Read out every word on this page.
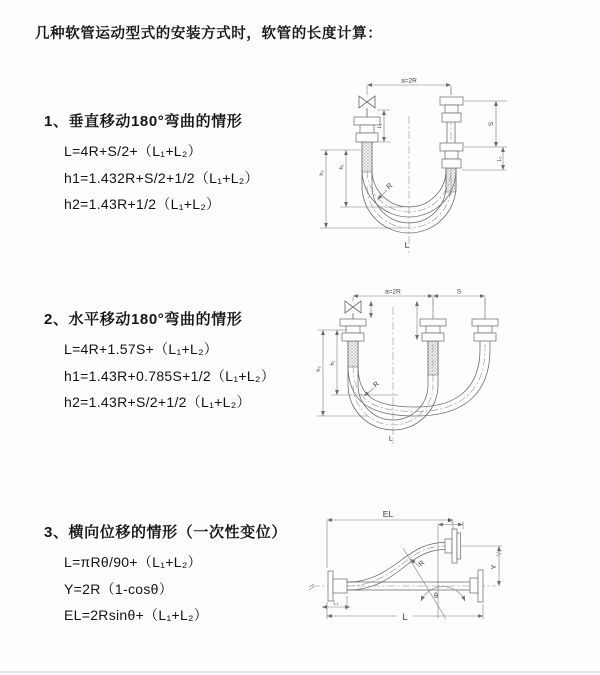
几种软管运动型式的安装方式时，软管的长度计算：
1、垂直移动180°弯曲的情形
L=4R+S/2+（L₁+L₂）
h1=1.432R+S/2+1/2（L₁+L₂）
h2=1.43R+1/2（L₁+L₂）
2、水平移动180°弯曲的情形
L=4R+1.57S+（L₁+L₂）
h1=1.43R+0.785S+1/2（L₁+L₂）
h2=1.43R+S/2+1/2（L₁+L₂）
3、横向位移的情形（一次性变位）
L=πRθ/90+（L₁+L₂）
Y=2R（1-cosθ）
EL=2Rsinθ+（L₁+L₂）
a=2R
S
L₁
L₁
h₁
h₂
R
L
a=2R	S
h₁
h₂
R
L
EL
L₁
L₂
Y
R
θ
L
